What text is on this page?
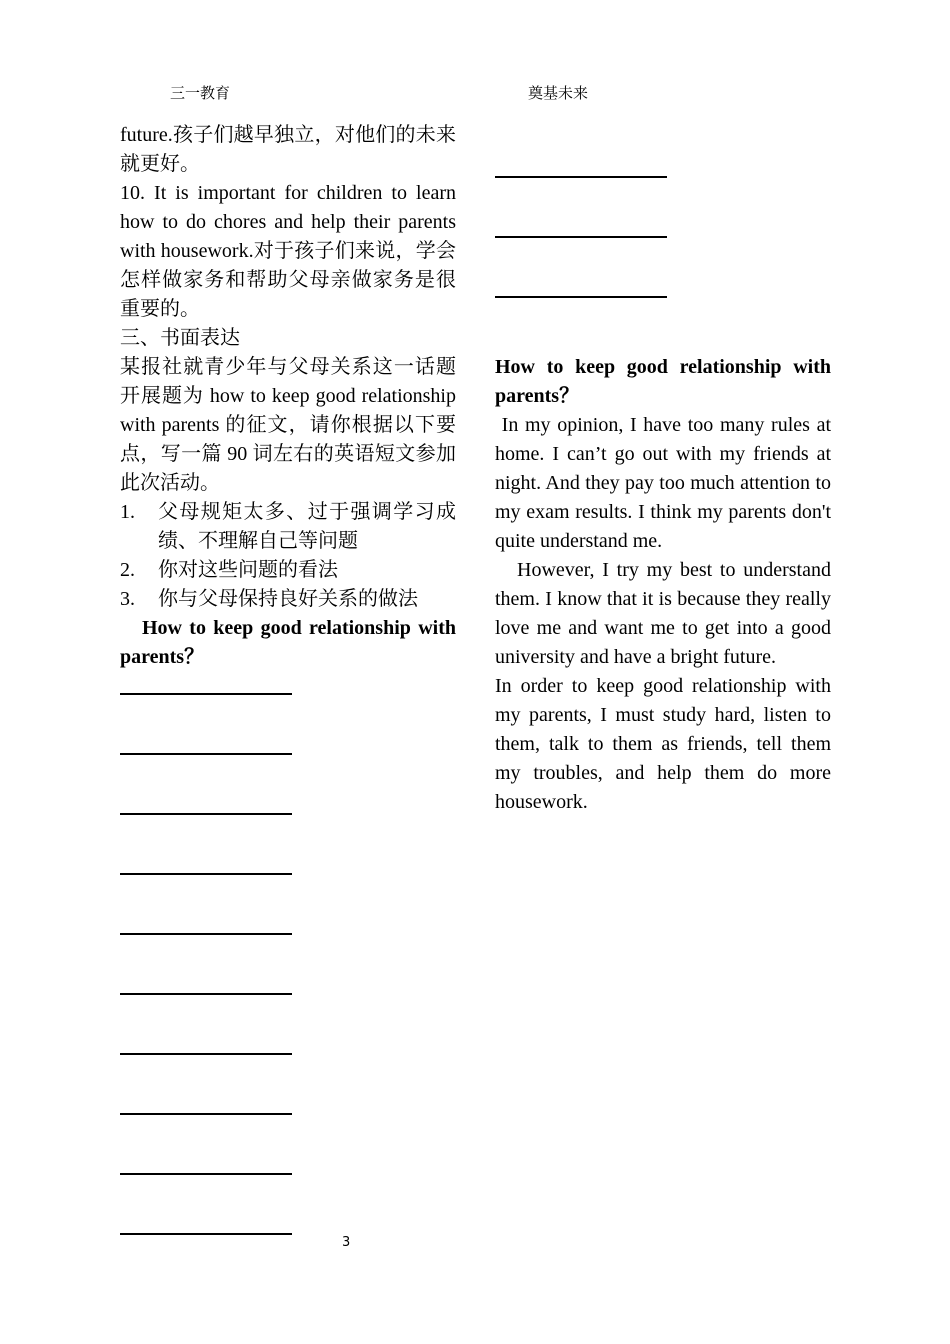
三一教育	奠基未来

future.孩子们越早独立，对他们的未来就更好。

10. It is important for children to learn how to do chores and help their parents with housework.对于孩子们来说，学会怎样做家务和帮助父母亲做家务是很重要的。

三、书面表达

某报社就青少年与父母关系这一话题开展题为 how to keep good relationship with parents 的征文，请你根据以下要点，写一篇 90 词左右的英语短文参加此次活动。

1.	父母规矩太多、过于强调学习成绩、不理解自己等问题
2.	你对这些问题的看法
3.	你与父母保持良好关系的做法

How to keep good relationship with parents？

How to keep good relationship with parents？

In my opinion, I have too many rules at home. I can’t go out with my friends at night. And they pay too much attention to my exam results. I think my parents don't quite understand me.

However, I try my best to understand them. I know that it is because they really love me and want me to get into a good university and have a bright future.

In order to keep good relationship with my parents, I must study hard, listen to them, talk to them as friends, tell them my troubles, and help them do more housework.

3
